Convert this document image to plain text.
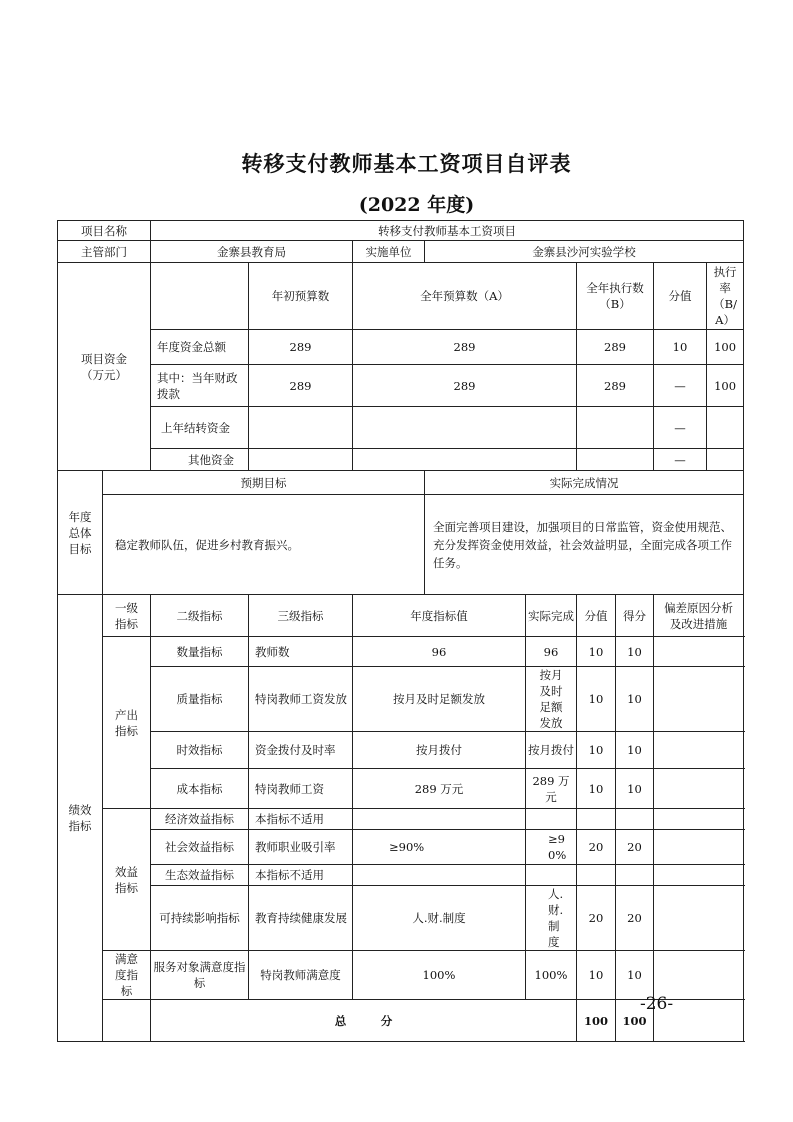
转移支付教师基本工资项目自评表
(2022 年度)
项目名称		转移支付教师基本工资项目									
主管部门		金寨县教育局		实施单位	金寨县沙河实验学校						
项目资金（万元）			年初预算数	全年预算数（A）			全年执行数（B）		分值	执行率（B/A）	
		年度资金总额	289	289			289		10	100	
		其中：当年财政拨款	289	289			289		—	100	
		上年结转资金							—		
		其他资金							—		
年度总体目标	预期目标				实际完成情况						
	稳定教师队伍，促进乡村教育振兴。				全面完善项目建设，加强项目的日常监管，资金使用规范、充分发挥资金使用效益，社会效益明显，全面完成各项工作任务。						
绩效指标	一级指标	二级指标	三级指标	年度指标值		实际完成	分值	得分	偏差原因分析及改进措施		
	产出指标	数量指标	教师数	96		96	10	10			
		质量指标	特岗教师工资发放	按月及时足额发放		按月及时足额发放	10	10			
		时效指标	资金拨付及时率	按月拨付		按月拨付	10	10			
		成本指标	特岗教师工资	289 万元		289 万元	10	10			
	效益指标	经济效益指标	本指标不适用								
		社会效益指标	教师职业吸引率	≥90%		≥90%	20	20			
		生态效益指标	本指标不适用								
		可持续影响指标	教育持续健康发展	人.财.制度		人.财.制度	20	20			
	满意度指标	服务对象满意度指标	特岗教师满意度	100%		100%	10	10			
		总　　　分					100	100			
-26-
